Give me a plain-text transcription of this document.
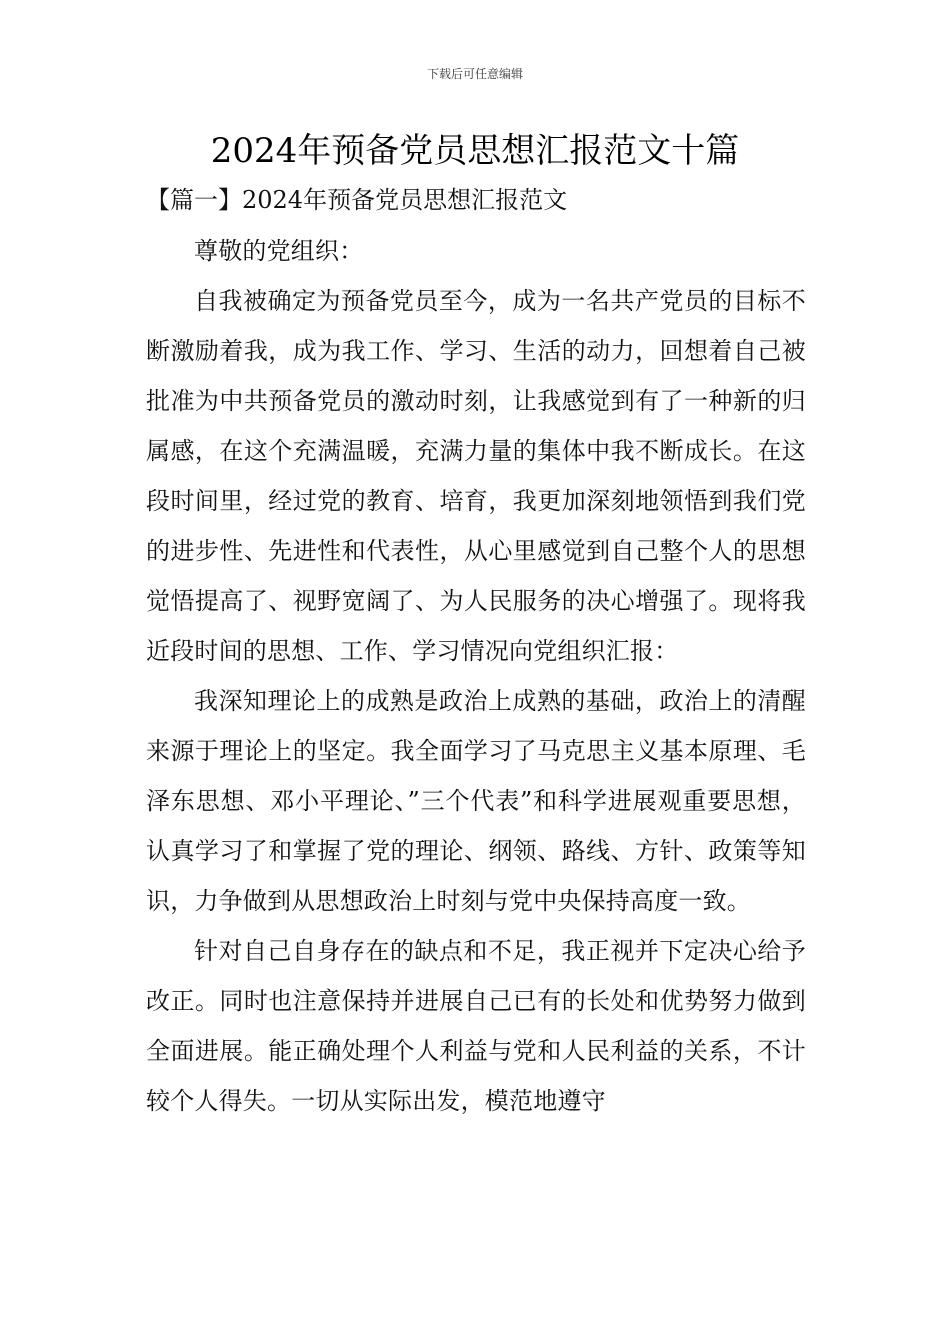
下载后可任意编辑
2024年预备党员思想汇报范文十篇
【篇一】2024年预备党员思想汇报范文

尊敬的党组织：

自我被确定为预备党员至今，成为一名共产党员的目标不断激励着我，成为我工作、学习、生活的动力，回想着自己被批准为中共预备党员的激动时刻，让我感觉到有了一种新的归属感，在这个充满温暖，充满力量的集体中我不断成长。在这段时间里，经过党的教育、培育，我更加深刻地领悟到我们党的进步性、先进性和代表性，从心里感觉到自己整个人的思想觉悟提高了、视野宽阔了、为人民服务的决心增强了。现将我近段时间的思想、工作、学习情况向党组织汇报：

我深知理论上的成熟是政治上成熟的基础，政治上的清醒来源于理论上的坚定。我全面学习了马克思主义基本原理、毛泽东思想、邓小平理论、”三个代表”和科学进展观重要思想，认真学习了和掌握了党的理论、纲领、路线、方针、政策等知识，力争做到从思想政治上时刻与党中央保持高度一致。

针对自己自身存在的缺点和不足，我正视并下定决心给予改正。同时也注意保持并进展自己已有的长处和优势努力做到全面进展。能正确处理个人利益与党和人民利益的关系，不计较个人得失。一切从实际出发，模范地遵守
